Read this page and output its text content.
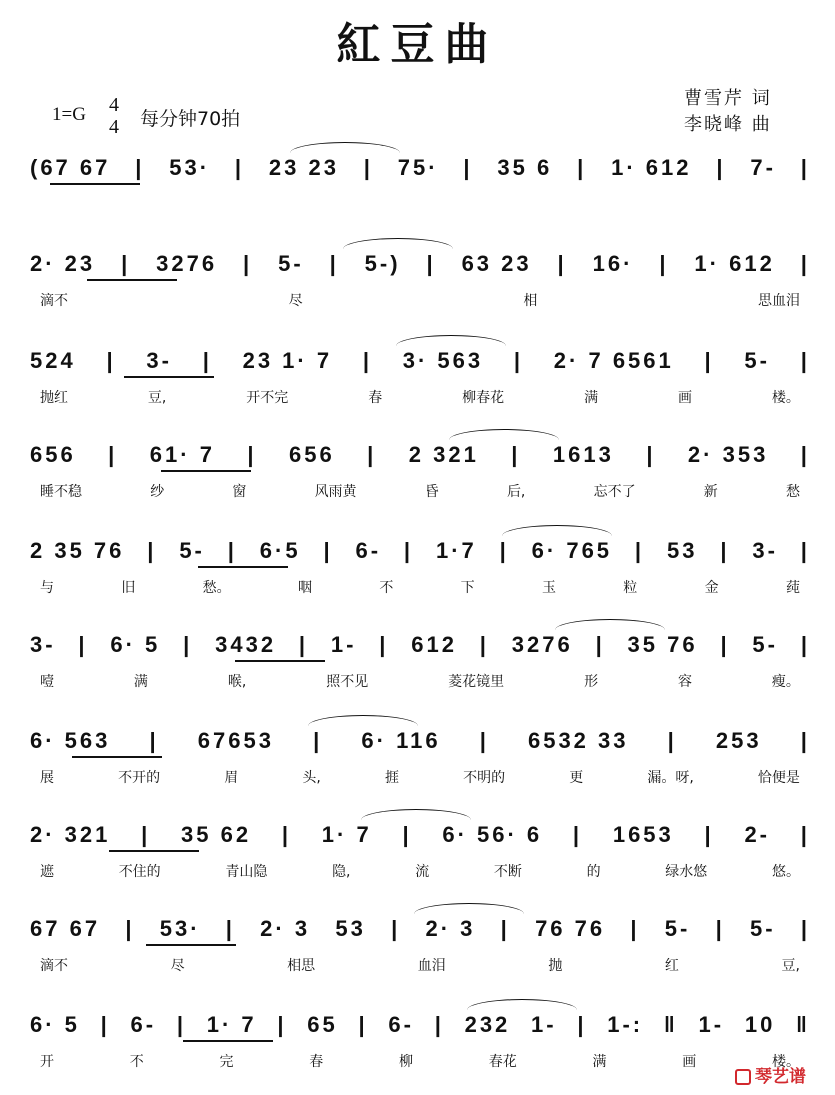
紅豆曲
曹雪芹 词
李晓峰 曲
1=G 4
4 每分钟70拍
(67 67 | 53· | 23 23 | 75· | 35 6 | 1· 612 | 7- |
2· 23 | 3276 | 5- | 5-) | 63 23 | 16· | 1· 612 |
滴不	尽	相	思血泪
524 | 3- | 23 1· 7 | 3· 563 | 2· 7 6561 | 5- |
抛红	豆,	开不完	春	柳春花	满	画	楼。
656 | 61· 7 | 656 | 2 321 | 1613 | 2· 353 |
睡不稳	纱	窗	风雨黄	昏	后,	忘不了	新	愁
2 35 76 | 5- | 6·5 | 6- | 1·7 | 6· 765 | 53 | 3- |
与	旧	愁。	咽	不	下	玉	粒	金	莼
3- | 6· 5 | 3432 | 1- | 612 | 3276 | 35 76 | 5- |
噎	满	喉,	照不见	菱花镜里	形	容	瘦。
6· 563 | 67653 | 6· 116 | 6532 33 | 253 |
展	不开的	眉	头,	捱	不明的	更	漏。呀,	恰便是
2· 321 | 35 62 | 1· 7 | 6· 56· 6 | 1653 | 2- |
遮	不住的	青山隐	隐,	流	不断	的	绿水悠	悠。
67 67 | 53· | 2· 3 53 | 2· 3 | 76 76 | 5- | 5- |
滴不	尽	相思	血泪	抛	红	豆,
6· 5 | 6- | 1· 7 | 65 | 6- | 232 1- | 1-: ‖ 1- 10 ‖
开	不	完	春	柳	春花	满	画	楼。
琴艺谱
